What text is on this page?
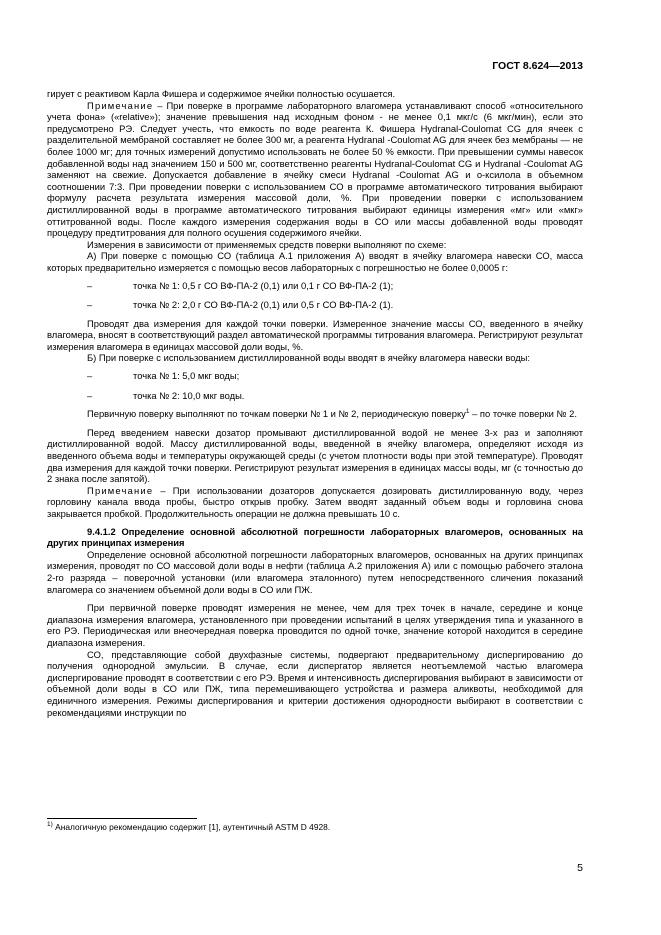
ГОСТ 8.624—2013

гирует с реактивом Карла Фишера и содержимое ячейки полностью осушается.

Примечание – При поверке в программе лабораторного влагомера устанавливают способ «относительного учета фона» («relative»); значение превышения над исходным фоном - не менее 0,1 мкг/с (6 мкг/мин), если это предусмотрено РЭ. Следует учесть, что емкость по воде реагента К. Фишера Hydranal-Coulomat CG для ячеек с разделительной мембраной составляет не более 300 мг, а реагента Hydranal -Coulomat AG для ячеек без мембраны — не более 1000 мг; для точных измерений допустимо использовать не более 50 % емкости. При превышении суммы навесок добавленной воды над значением 150 и 500 мг, соответственно реагенты Hydranal-Coulomat CG и Hydranal -Coulomat AG заменяют на свежие. Допускается добавление в ячейку смеси Hydranal -Coulomat AG и о-ксилола в объемном соотношении 7:3. При проведении поверки с использованием СО в программе автоматического титрования выбирают формулу расчета результата измерения массовой доли, %. При проведении поверки с использованием дистиллированной воды в программе автоматического титрования выбирают единицы измерения «мг» или «мкг» оттитрованной воды. После каждого измерения содержания воды в СО или массы добавленной воды проводят процедуру предтитрования для полного осушения содержимого ячейки.

Измерения в зависимости от применяемых средств поверки выполняют по схеме:

А) При поверке с помощью СО (таблица А.1 приложения А) вводят в ячейку влагомера навески СО, масса которых предварительно измеряется с помощью весов лабораторных с погрешностью не более 0,0005 г:

–	точка № 1: 0,5 г СО ВФ-ПА-2 (0,1) или 0,1 г СО ВФ-ПА-2 (1);
–	точка № 2: 2,0 г СО ВФ-ПА-2 (0,1) или 0,5 г СО ВФ-ПА-2 (1).

Проводят два измерения для каждой точки поверки. Измеренное значение массы СО, введенного в ячейку влагомера, вносят в соответствующий раздел автоматической программы титрования влагомера. Регистрируют результат измерения влагомера в единицах массовой доли воды, %.

Б) При поверке с использованием дистиллированной воды вводят в ячейку влагомера навески воды:

–	точка № 1: 5,0 мкг воды;
–	точка № 2: 10,0 мкг воды.

Первичную поверку выполняют по точкам поверки № 1 и № 2, периодическую поверку$^1$ – по точке поверки № 2.

Перед введением навески дозатор промывают дистиллированной водой не менее 3-х раз и заполняют дистиллированной водой. Массу дистиллированной воды, введенной в ячейку влагомера, определяют исходя из введенного объема воды и температуры окружающей среды (с учетом плотности воды при этой температуре). Проводят два измерения для каждой точки поверки. Регистрируют результат измерения в единицах массы воды, мг (с точностью до 2 знака после запятой).

Примечание – При использовании дозаторов допускается дозировать дистиллированную воду, через горловину канала ввода пробы, быстро открыв пробку. Затем вводят заданный объем воды и горловина снова закрывается пробкой. Продолжительность операции не должна превышать 10 с.

9.4.1.2 Определение основной абсолютной погрешности лабораторных влагомеров, основанных на других принципах измерения

Определение основной абсолютной погрешности лабораторных влагомеров, основанных на других принципах измерения, проводят по СО массовой доли воды в нефти (таблица А.2 приложения А) или с помощью рабочего эталона 2-го разряда – поверочной установки (или влагомера эталонного) путем непосредственного сличения показаний влагомера со значением объемной доли воды в СО или ПЖ.

При первичной поверке проводят измерения не менее, чем для трех точек в начале, середине и конце диапазона измерения влагомера, установленного при проведении испытаний в целях утверждения типа и указанного в его РЭ. Периодическая или внеочередная поверка проводится по одной точке, значение которой находится в середине диапазона измерения.

СО, представляющие собой двухфазные системы, подвергают предварительному диспергированию до получения однородной эмульсии. В случае, если диспергатор является неотъемлемой частью влагомера диспергирование проводят в соответствии с его РЭ. Время и интенсивность диспергирования выбирают в зависимости от объемной доли воды в СО или ПЖ, типа перемешивающего устройства и размера аликвоты, необходимой для единичного измерения. Режимы диспергирования и критерии достижения однородности выбирают в соответствии с рекомендациями инструкции по

$^{1)}$ Аналогичную рекомендацию содержит [1], аутентичный ASTM D 4928.
5
